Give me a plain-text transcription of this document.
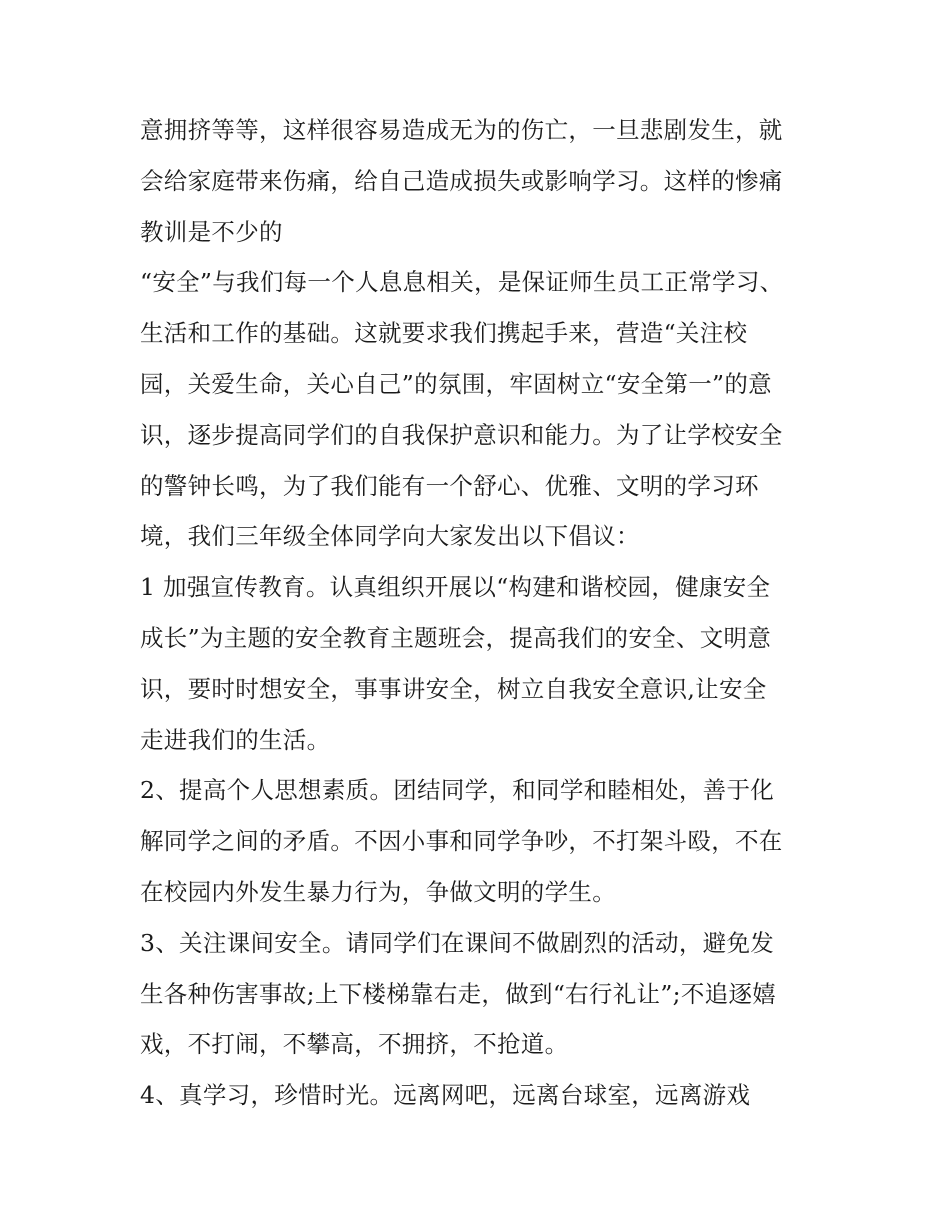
意拥挤等等，这样很容易造成无为的伤亡，一旦悲剧发生，就
会给家庭带来伤痛，给自己造成损失或影响学习。这样的惨痛
教训是不少的
“安全”与我们每一个人息息相关，是保证师生员工正常学习、
生活和工作的基础。这就要求我们携起手来，营造“关注校
园，关爱生命，关心自己”的氛围，牢固树立“安全第一”的意
识，逐步提高同学们的自我保护意识和能力。为了让学校安全
的警钟长鸣，为了我们能有一个舒心、优雅、文明的学习环
境，我们三年级全体同学向大家发出以下倡议：
1 加强宣传教育。认真组织开展以“构建和谐校园，健康安全
成长”为主题的安全教育主题班会，提高我们的安全、文明意
识，要时时想安全，事事讲安全，树立自我安全意识,让安全
走进我们的生活。
2、提高个人思想素质。团结同学，和同学和睦相处，善于化
解同学之间的矛盾。不因小事和同学争吵，不打架斗殴，不在
在校园内外发生暴力行为，争做文明的学生。
3、关注课间安全。请同学们在课间不做剧烈的活动，避免发
生各种伤害事故;上下楼梯靠右走，做到“右行礼让”;不追逐嬉
戏，不打闹，不攀高，不拥挤，不抢道。
4、真学习，珍惜时光。远离网吧，远离台球室，远离游戏
